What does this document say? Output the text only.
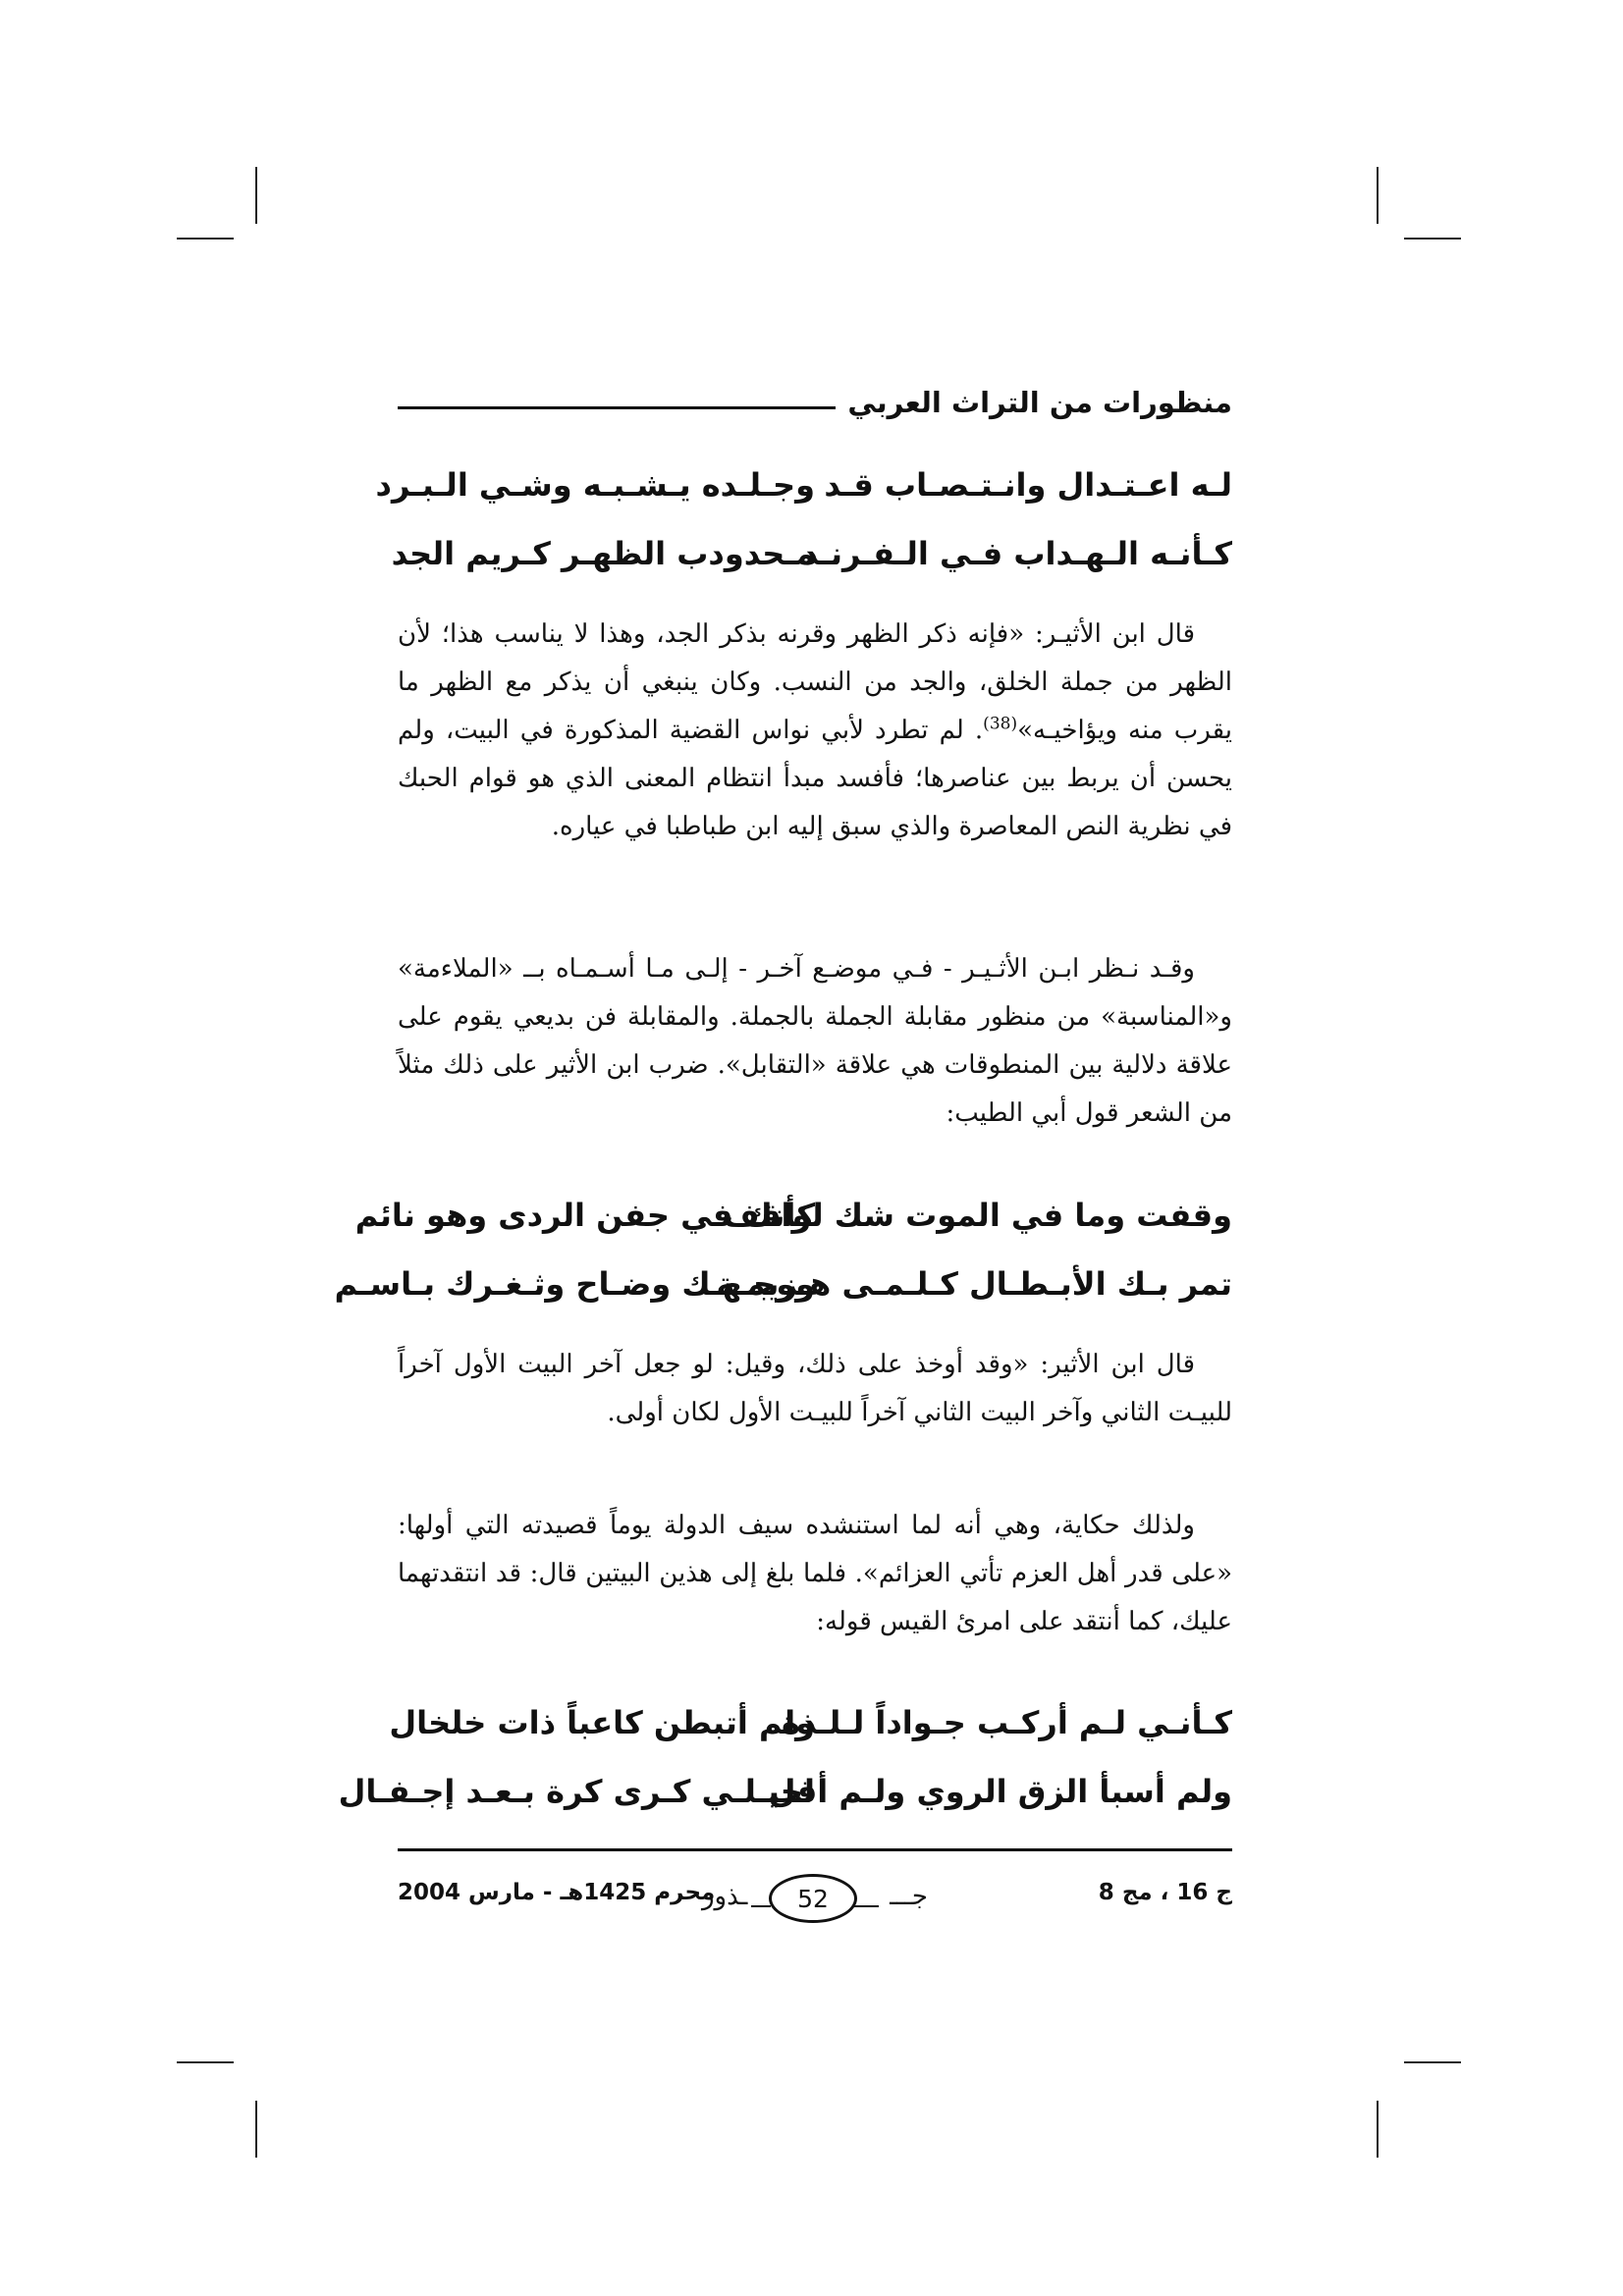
منظورات من التراث العربي
لـه اعـتـدال وانـتـصـاب قـد
وجـلـده يـشـبـه وشـي الـبـرد
كـأنـه الـهـداب فـي الـفـرنـد
مـحدودب الظهـر كـريم الجد
قال ابن الأثيـر: «فإنه ذكر الظهر وقرنه بذكر الجد، وهذا لا يناسب هذا؛ لأن الظهر من جملة الخلق، والجد من النسب. وكان ينبغي أن يذكر مع الظهر ما يقرب منه ويؤاخيـه»$^{(38)}$. لم تطرد لأبي نواس القضية المذكورة في البيت، ولم يحسن أن يربط بين عناصرها؛ فأفسد مبدأ انتظام المعنى الذي هو قوام الحبك في نظرية النص المعاصرة والذي سبق إليه ابن طباطبا في عياره.
وقـد نـظر ابـن الأثـيـر - فـي موضـع آخـر - إلـى مـا أسـمـاه بــ «الملاءمة» و«المناسبة» من منظور مقابلة الجملة بالجملة. والمقابلة فن بديعي يقوم على علاقة دلالية بين المنطوقات هي علاقة «التقابل». ضرب ابن الأثير على ذلك مثلاً من الشعر قول أبي الطيب:
وقفت وما في الموت شك لواقف
كأنك في جفن الردى وهو نائم
تمر بـك الأبـطـال كـلـمـى هـزيمـة
ووجـهـك وضـاح وثـغـرك بـاسـم
قال ابن الأثير: «وقد أوخذ على ذلك، وقيل: لو جعل آخر البيت الأول آخراً للبيـت الثاني وآخر البيت الثاني آخراً للبيـت الأول لكان أولى.
ولذلك حكاية، وهي أنه لما استنشده سيف الدولة يوماً قصيدته التي أولها: «على قدر أهل العزم تأتي العزائم». فلما بلغ إلى هذين البيتين قال: قد انتقدتهما عليك، كما أنتقد على امرئ القيس قوله:
كـأنـي لـم أركـب جـواداً لـلـذة
ولم أتبطن كاعباً ذات خلخال
ولم أسبأ الزق الروي ولـم أقل
لخيـلـي كـرى كرة بـعـد إجـفـال
ج 16 ، مج 8
جـــ
52
ـذور
محرم 1425هـ - مارس 2004
